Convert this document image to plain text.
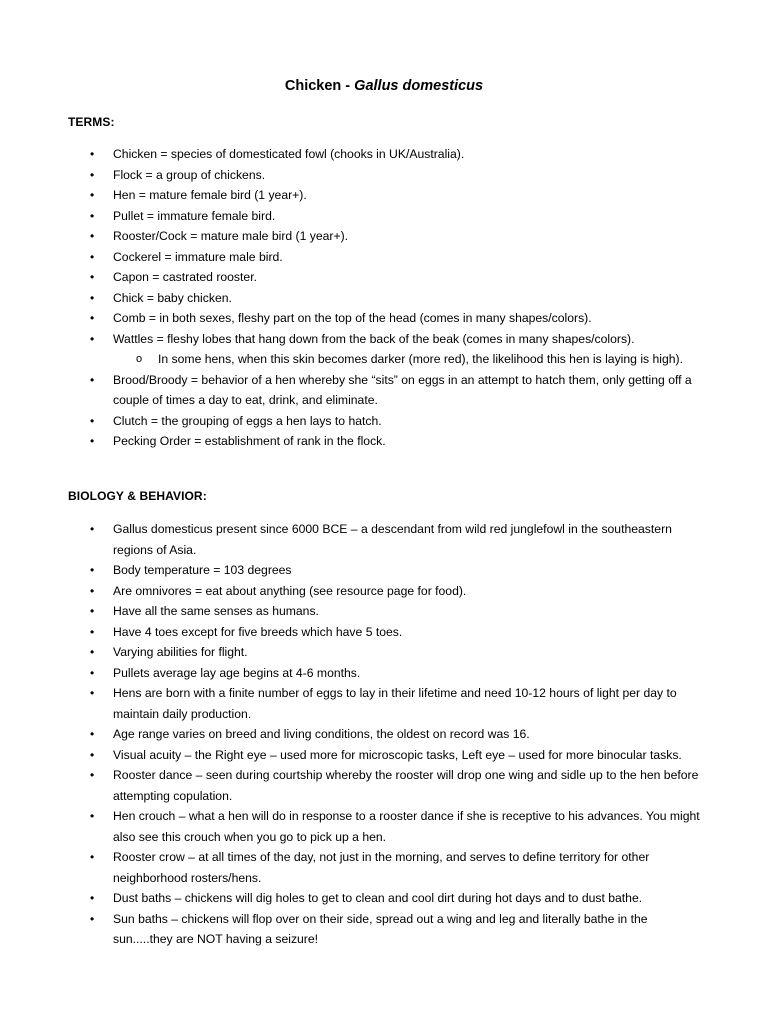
Chicken - Gallus domesticus
TERMS:
• Chicken = species of domesticated fowl (chooks in UK/Australia).
• Flock = a group of chickens.
• Hen = mature female bird (1 year+).
• Pullet = immature female bird.
• Rooster/Cock = mature male bird (1 year+).
• Cockerel = immature male bird.
• Capon = castrated rooster.
• Chick = baby chicken.
• Comb = in both sexes, fleshy part on the top of the head (comes in many shapes/colors).
• Wattles = fleshy lobes that hang down from the back of the beak (comes in many shapes/colors).
o In some hens, when this skin becomes darker (more red), the likelihood this hen is laying is high).
• Brood/Broody = behavior of a hen whereby she “sits” on eggs in an attempt to hatch them, only getting off a couple of times a day to eat, drink, and eliminate.
• Clutch = the grouping of eggs a hen lays to hatch.
• Pecking Order = establishment of rank in the flock.
BIOLOGY & BEHAVIOR:
• Gallus domesticus present since 6000 BCE – a descendant from wild red junglefowl in the southeastern regions of Asia.
• Body temperature = 103 degrees
• Are omnivores = eat about anything (see resource page for food).
• Have all the same senses as humans.
• Have 4 toes except for five breeds which have 5 toes.
• Varying abilities for flight.
• Pullets average lay age begins at 4-6 months.
• Hens are born with a finite number of eggs to lay in their lifetime and need 10-12 hours of light per day to maintain daily production.
• Age range varies on breed and living conditions, the oldest on record was 16.
• Visual acuity – the Right eye – used more for microscopic tasks, Left eye – used for more binocular tasks.
• Rooster dance – seen during courtship whereby the rooster will drop one wing and sidle up to the hen before attempting copulation.
• Hen crouch – what a hen will do in response to a rooster dance if she is receptive to his advances. You might also see this crouch when you go to pick up a hen.
• Rooster crow – at all times of the day, not just in the morning, and serves to define territory for other neighborhood rosters/hens.
• Dust baths – chickens will dig holes to get to clean and cool dirt during hot days and to dust bathe.
• Sun baths – chickens will flop over on their side, spread out a wing and leg and literally bathe in the sun.....they are NOT having a seizure!
